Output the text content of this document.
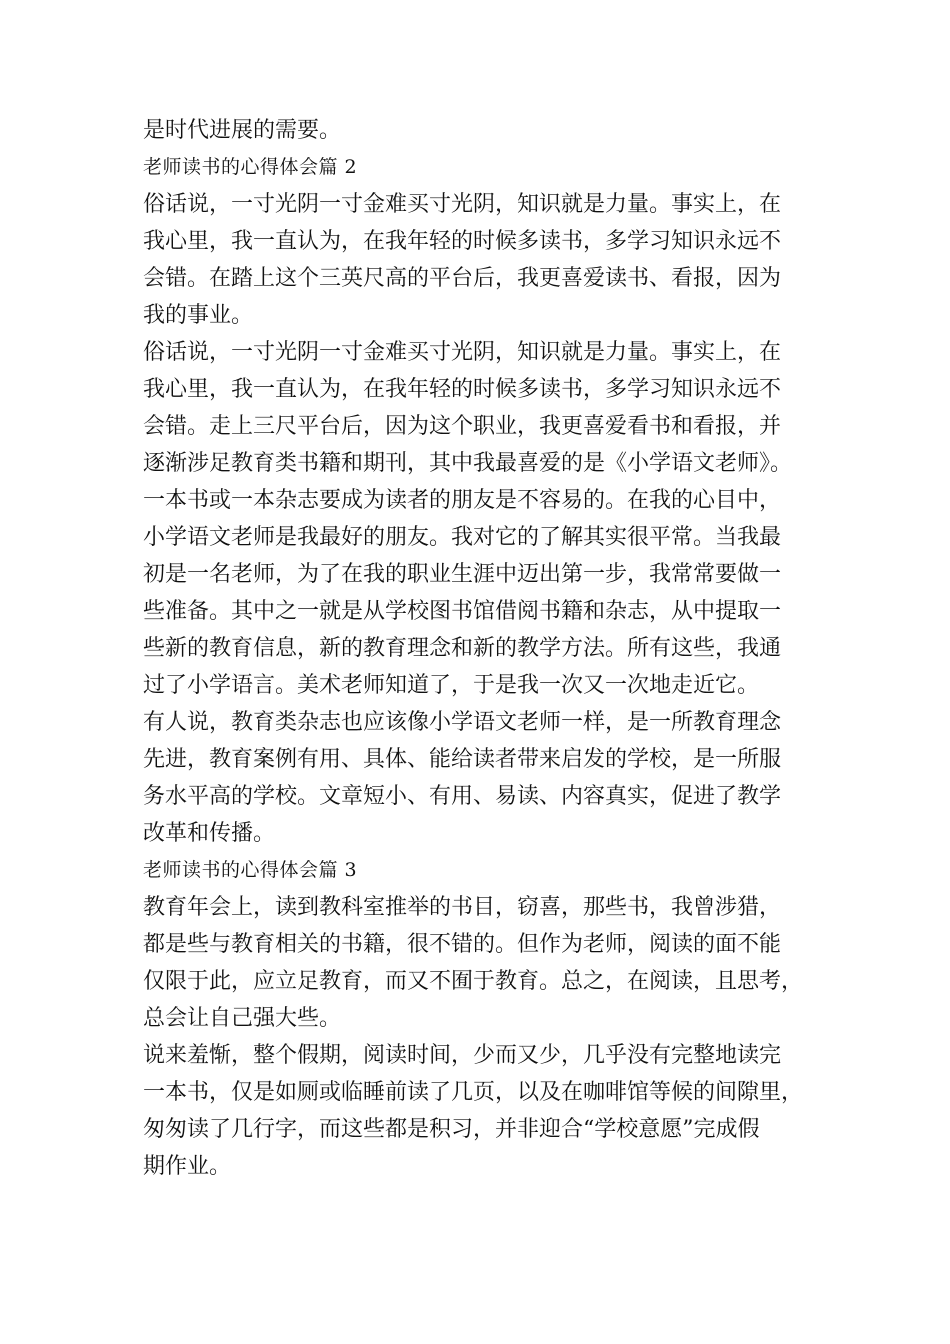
是时代进展的需要。
老师读书的心得体会篇 2
俗话说，一寸光阴一寸金难买寸光阴，知识就是力量。事实上，在
我心里，我一直认为，在我年轻的时候多读书，多学习知识永远不
会错。在踏上这个三英尺高的平台后，我更喜爱读书、看报，因为
我的事业。
俗话说，一寸光阴一寸金难买寸光阴，知识就是力量。事实上，在
我心里，我一直认为，在我年轻的时候多读书，多学习知识永远不
会错。走上三尺平台后，因为这个职业，我更喜爱看书和看报，并
逐渐涉足教育类书籍和期刊，其中我最喜爱的是《小学语文老师》。
一本书或一本杂志要成为读者的朋友是不容易的。在我的心目中，
小学语文老师是我最好的朋友。我对它的了解其实很平常。当我最
初是一名老师，为了在我的职业生涯中迈出第一步，我常常要做一
些准备。其中之一就是从学校图书馆借阅书籍和杂志，从中提取一
些新的教育信息，新的教育理念和新的教学方法。所有这些，我通
过了小学语言。美术老师知道了，于是我一次又一次地走近它。
有人说，教育类杂志也应该像小学语文老师一样，是一所教育理念
先进，教育案例有用、具体、能给读者带来启发的学校，是一所服
务水平高的学校。文章短小、有用、易读、内容真实，促进了教学
改革和传播。
老师读书的心得体会篇 3
教育年会上，读到教科室推举的书目，窃喜，那些书，我曾涉猎，
都是些与教育相关的书籍，很不错的。但作为老师，阅读的面不能
仅限于此，应立足教育，而又不囿于教育。总之，在阅读，且思考，
总会让自己强大些。
说来羞惭，整个假期，阅读时间，少而又少，几乎没有完整地读完
一本书，仅是如厕或临睡前读了几页，以及在咖啡馆等候的间隙里，
匆匆读了几行字，而这些都是积习，并非迎合“学校意愿”完成假
期作业。
